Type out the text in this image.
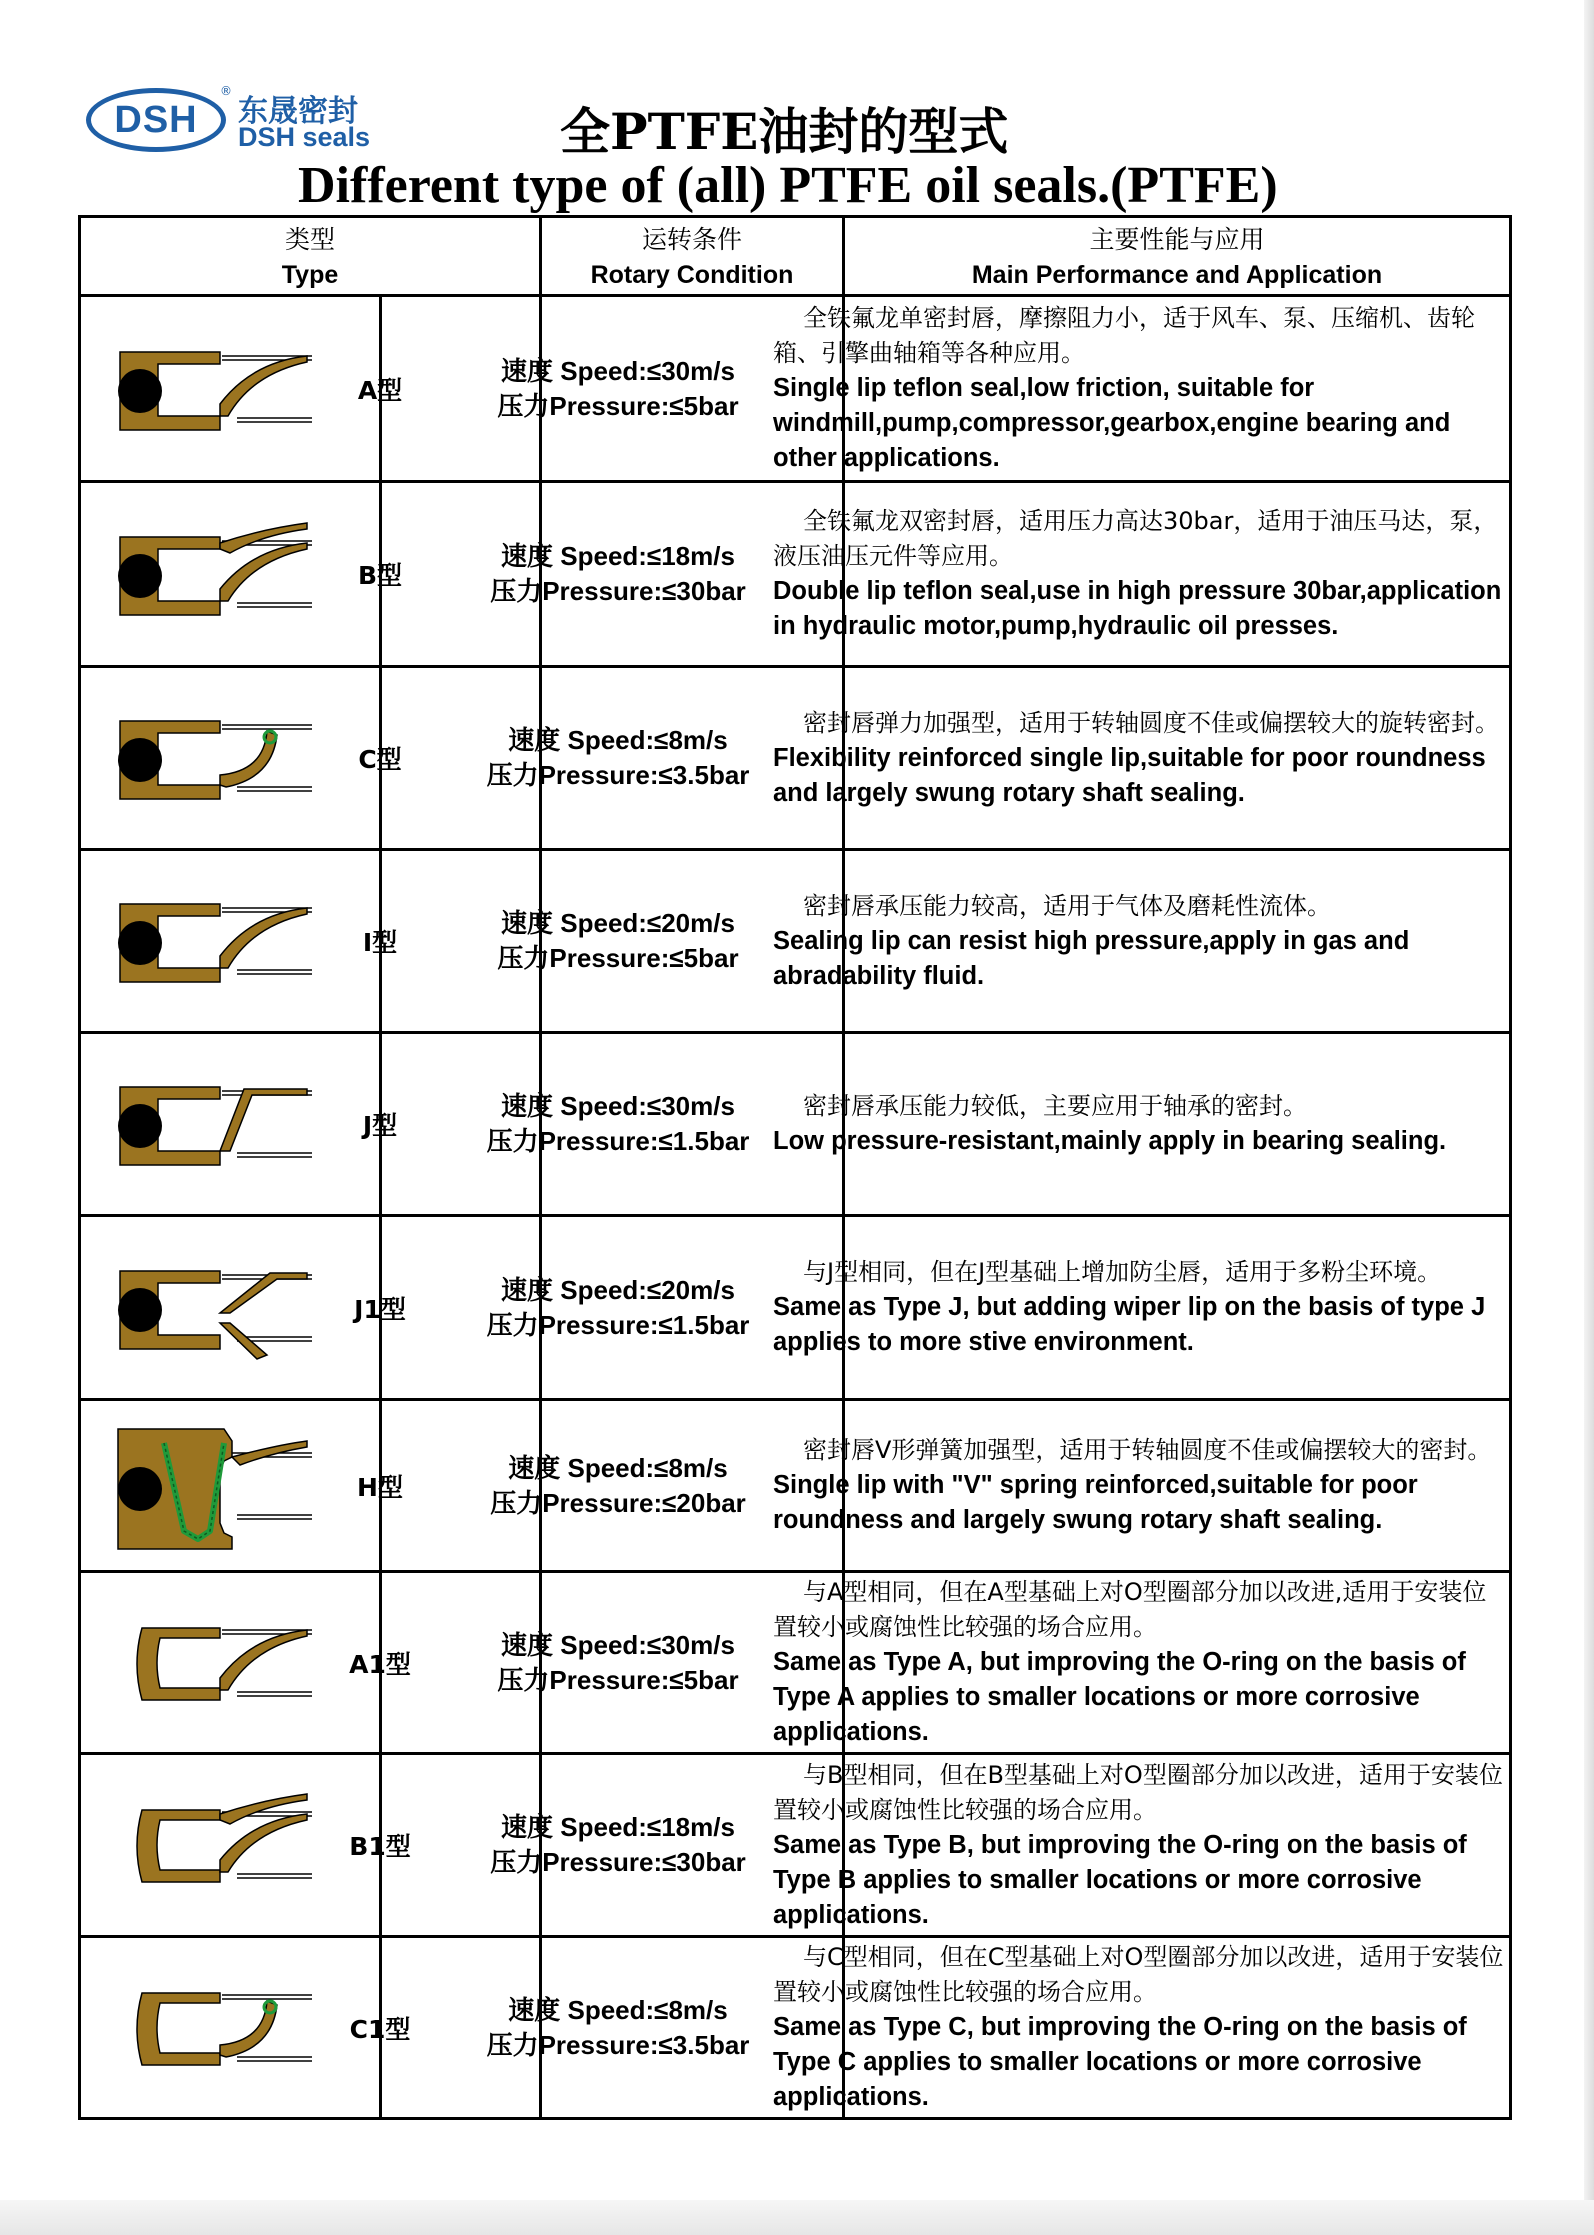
DSH
®
东晟密封
DSH seals	全PTFE油封的型式
Different type of (all) PTFE oil seals.(PTFE)
类型
Type
运转条件
Rotary Condition
主要性能与应用
Main Performance and Application
A型
速度 Speed:≤30m/s
压力Pressure:≤5bar
全铁氟龙单密封唇，摩擦阻力小，适于风车、泵、压缩机、齿轮箱、引擎曲轴箱等各种应用。
Single lip teflon seal,low friction, suitable for windmill,pump,compressor,gearbox,engine bearing and other applications.
B型
速度 Speed:≤18m/s
压力Pressure:≤30bar
全铁氟龙双密封唇，适用压力高达30bar，适用于油压马达，泵，液压油压元件等应用。
Double lip teflon seal,use in high pressure 30bar,application in hydraulic motor,pump,hydraulic oil presses.
C型
速度 Speed:≤8m/s
压力Pressure:≤3.5bar
密封唇弹力加强型，适用于转轴圆度不佳或偏摆较大的旋转密封。
Flexibility reinforced single lip,suitable for poor roundness and largely swung rotary shaft sealing.
I型
速度 Speed:≤20m/s
压力Pressure:≤5bar
密封唇承压能力较高，适用于气体及磨耗性流体。
Sealing lip can resist high pressure,apply in gas and abradability fluid.
J型
速度 Speed:≤30m/s
压力Pressure:≤1.5bar
密封唇承压能力较低，主要应用于轴承的密封。
Low pressure-resistant,mainly apply in bearing sealing.
J1型
速度 Speed:≤20m/s
压力Pressure:≤1.5bar
与J型相同，但在J型基础上增加防尘唇，适用于多粉尘环境。
Same as Type J, but adding wiper lip on the basis of type J applies to more stive environment.
H型
速度 Speed:≤8m/s
压力Pressure:≤20bar
密封唇V形弹簧加强型，适用于转轴圆度不佳或偏摆较大的密封。
Single lip with "V" spring reinforced,suitable for poor roundness and largely swung rotary shaft sealing.
A1型
速度 Speed:≤30m/s
压力Pressure:≤5bar
与A型相同，但在A型基础上对O型圈部分加以改进,适用于安装位置较小或腐蚀性比较强的场合应用。
Same as Type A, but improving the O-ring on the basis of Type A applies to smaller locations or more corrosive applications.
B1型
速度 Speed:≤18m/s
压力Pressure:≤30bar
与B型相同，但在B型基础上对O型圈部分加以改进，适用于安装位置较小或腐蚀性比较强的场合应用。
Same as Type B, but improving the O-ring on the basis of Type B applies to smaller locations or more corrosive applications.
C1型
速度 Speed:≤8m/s
压力Pressure:≤3.5bar
与C型相同，但在C型基础上对O型圈部分加以改进，适用于安装位置较小或腐蚀性比较强的场合应用。
Same as Type C, but improving the O-ring on the basis of Type C applies to smaller locations or more corrosive applications.
